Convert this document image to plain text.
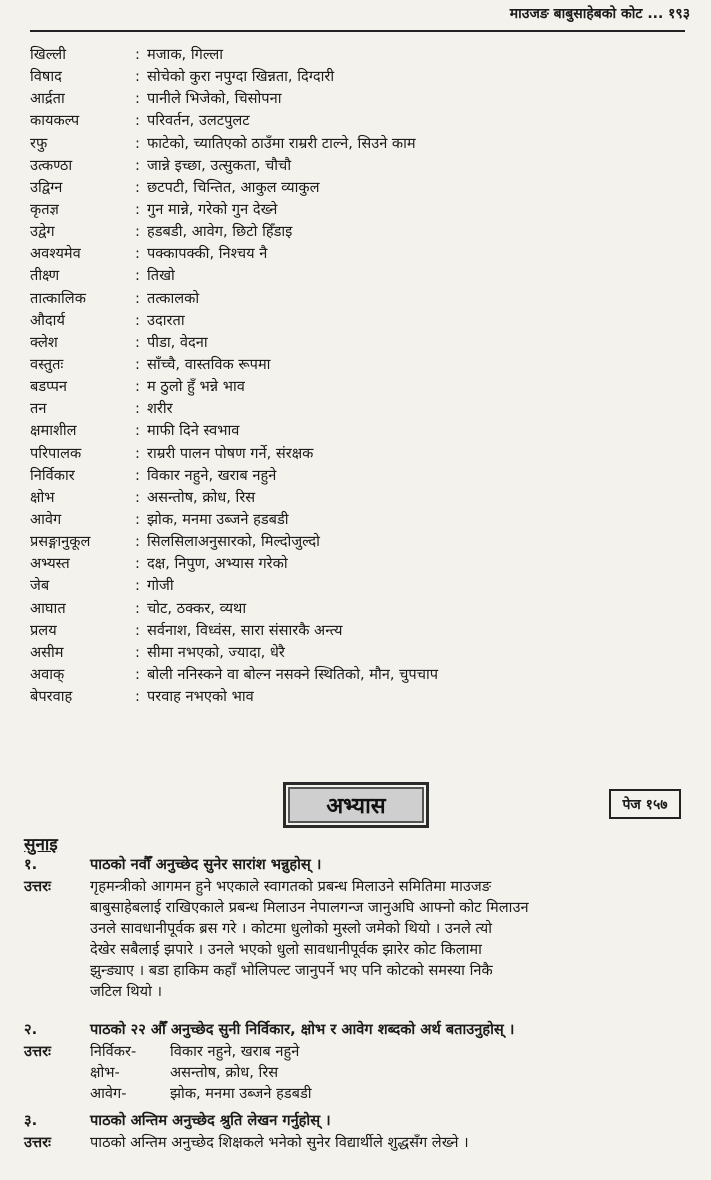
माउजङ बाबुसाहेबको कोट ... १९३
खिल्ली	: मजाक, गिल्ला
विषाद	: सोचेको कुरा नपुग्दा खिन्नता, दिग्दारी
आर्द्रता	: पानीले भिजेको, चिसोपना
कायकल्प	: परिवर्तन, उलटपुलट
रफु	: फाटेको, च्यातिएको ठाउँमा राम्ररी टाल्ने, सिउने काम
उत्कण्ठा	: जान्ने इच्छा, उत्सुकता, चौचौ
उद्विग्न	: छटपटी, चिन्तित, आकुल व्याकुल
कृतज्ञ	: गुन मान्ने, गरेको गुन देख्ने
उद्वेग	: हडबडी, आवेग, छिटो हिँडाइ
अवश्यमेव	: पक्कापक्की, निश्चय नै
तीक्ष्ण	: तिखो
तात्कालिक	: तत्कालको
औदार्य	: उदारता
क्लेश	: पीडा, वेदना
वस्तुतः	: साँच्चै, वास्तविक रूपमा
बडप्पन	: म ठुलो हुँ भन्ने भाव
तन	: शरीर
क्षमाशील	: माफी दिने स्वभाव
परिपालक	: राम्ररी पालन पोषण गर्ने, संरक्षक
निर्विकार	: विकार नहुने, खराब नहुने
क्षोभ	: असन्तोष, क्रोध, रिस
आवेग	: झोक, मनमा उब्जने हडबडी
प्रसङ्गानुकूल	: सिलसिलाअनुसारको, मिल्दोजुल्दो
अभ्यस्त	: दक्ष, निपुण, अभ्यास गरेको
जेब	: गोजी
आघात	: चोट, ठक्कर, व्यथा
प्रलय	: सर्वनाश, विध्वंस, सारा संसारकै अन्त्य
असीम	: सीमा नभएको, ज्यादा, धेरै
अवाक्	: बोली ननिस्कने वा बोल्न नसक्ने स्थितिको, मौन, चुपचाप
बेपरवाह	: परवाह नभएको भाव
अभ्यास	पेज १५७
सुनाइ
१.	पाठको नवौँ अनुच्छेद सुनेर सारांश भन्नुहोस् ।
उत्तरः	गृहमन्त्रीको आगमन हुने भएकाले स्वागतको प्रबन्ध मिलाउने समितिमा माउजङ
बाबुसाहेबलाई राखिएकाले प्रबन्ध मिलाउन नेपालगन्ज जानुअघि आफ्नो कोट मिलाउन
उनले सावधानीपूर्वक ब्रस गरे । कोटमा धुलोको मुस्लो जमेको थियो । उनले त्यो
देखेर सबैलाई झपारे । उनले भएको धुलो सावधानीपूर्वक झारेर कोट किलामा
झुन्ड्याए । बडा हाकिम कहाँ भोलिपल्ट जानुपर्ने भए पनि कोटको समस्या निकै
जटिल थियो ।
२.	पाठको २२ औँ अनुच्छेद सुनी निर्विकार, क्षोभ र आवेग शब्दको अर्थ बताउनुहोस् ।
उत्तरः	निर्विकर-	विकार नहुने, खराब नहुने
क्षोभ-	असन्तोष, क्रोध, रिस
आवेग-	झोक, मनमा उब्जने हडबडी
३.	पाठको अन्तिम अनुच्छेद श्रुति लेखन गर्नुहोस् ।
उत्तरः	पाठको अन्तिम अनुच्छेद शिक्षकले भनेको सुनेर विद्यार्थीले शुद्धसँग लेख्ने ।
